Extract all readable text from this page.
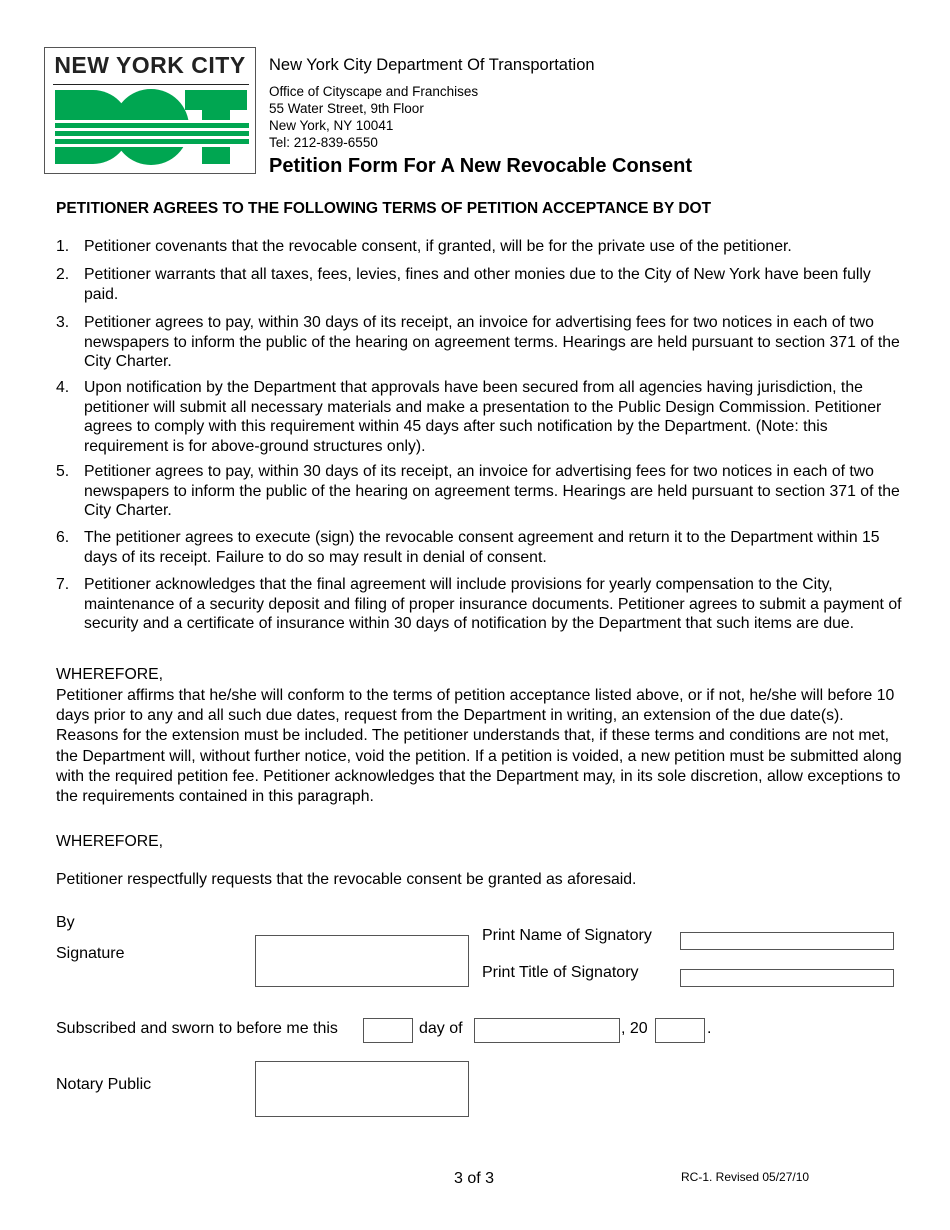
NEW YORK CITY	New York City Department Of Transportation
Office of Cityscape and Franchises
55 Water Street, 9th Floor
New York, NY 10041
Tel: 212-839-6550
Petition Form For A New Revocable Consent
PETITIONER AGREES TO THE FOLLOWING TERMS OF PETITION ACCEPTANCE BY DOT
1. Petitioner covenants that the revocable consent, if granted, will be for the private use of the petitioner.
2. Petitioner warrants that all taxes, fees, levies, fines and other monies due to the City of New York have been fully paid.
3. Petitioner agrees to pay, within 30 days of its receipt, an invoice for advertising fees for two notices in each of two newspapers to inform the public of the hearing on agreement terms. Hearings are held pursuant to section 371 of the City Charter.
4. Upon notification by the Department that approvals have been secured from all agencies having jurisdiction, the petitioner will submit all necessary materials and make a presentation to the Public Design Commission. Petitioner agrees to comply with this requirement within 45 days after such notification by the Department. (Note: this requirement is for above-ground structures only).
5. Petitioner agrees to pay, within 30 days of its receipt, an invoice for advertising fees for two notices in each of two newspapers to inform the public of the hearing on agreement terms. Hearings are held pursuant to section 371 of the City Charter.
6. The petitioner agrees to execute (sign) the revocable consent agreement and return it to the Department within 15 days of its receipt. Failure to do so may result in denial of consent.
7. Petitioner acknowledges that the final agreement will include provisions for yearly compensation to the City, maintenance of a security deposit and filing of proper insurance documents. Petitioner agrees to submit a payment of security and a certificate of insurance within 30 days of notification by the Department that such items are due.
WHEREFORE,
Petitioner affirms that he/she will conform to the terms of petition acceptance listed above, or if not, he/she will before 10 days prior to any and all such due dates, request from the Department in writing, an extension of the due date(s). Reasons for the extension must be included. The petitioner understands that, if these terms and conditions are not met, the Department will, without further notice, void the petition. If a petition is voided, a new petition must be submitted along with the required petition fee. Petitioner acknowledges that the Department may, in its sole discretion, allow exceptions to the requirements contained in this paragraph.
WHEREFORE,
Petitioner respectfully requests that the revocable consent be granted as aforesaid.
By
Signature
Print Name of Signatory
Print Title of Signatory
Subscribed and sworn to before me this	day of	, 20	.
Notary Public
3 of 3	RC-1. Revised 05/27/10
